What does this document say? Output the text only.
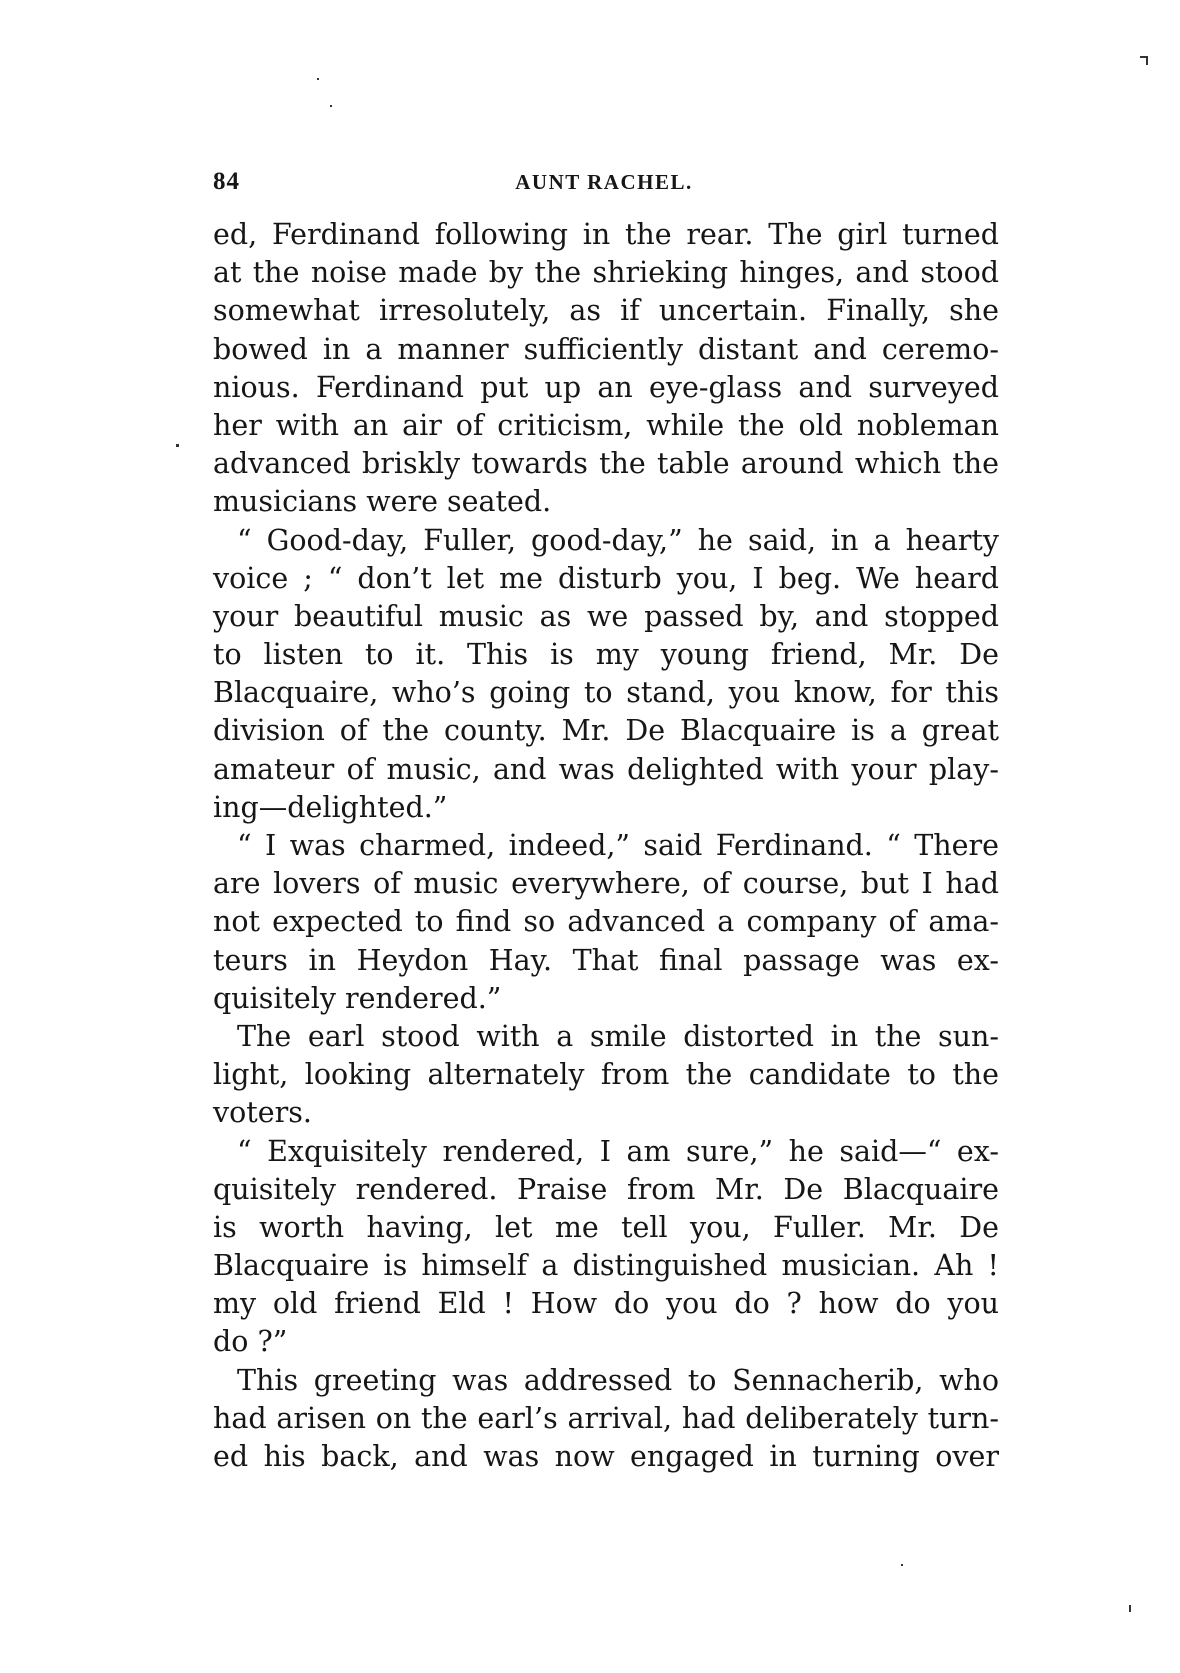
84	AUNT RACHEL.
ed, Ferdinand following in the rear. The girl turned
at the noise made by the shrieking hinges, and stood
somewhat irresolutely, as if uncertain. Finally, she
bowed in a manner sufficiently distant and ceremo-
nious. Ferdinand put up an eye-glass and surveyed
her with an air of criticism, while the old nobleman
advanced briskly towards the table around which the
musicians were seated.
“ Good-day, Fuller, good-day,” he said, in a hearty
voice ; “ don’t let me disturb you, I beg. We heard
your beautiful music as we passed by, and stopped
to listen to it. This is my young friend, Mr. De
Blacquaire, who’s going to stand, you know, for this
division of the county. Mr. De Blacquaire is a great
amateur of music, and was delighted with your play-
ing—delighted.”
“ I was charmed, indeed,” said Ferdinand. “ There
are lovers of music everywhere, of course, but I had
not expected to find so advanced a company of ama-
teurs in Heydon Hay. That final passage was ex-
quisitely rendered.”
The earl stood with a smile distorted in the sun-
light, looking alternately from the candidate to the
voters.
“ Exquisitely rendered, I am sure,” he said—“ ex-
quisitely rendered. Praise from Mr. De Blacquaire
is worth having, let me tell you, Fuller. Mr. De
Blacquaire is himself a distinguished musician. Ah !
my old friend Eld ! How do you do ? how do you
do ?”
This greeting was addressed to Sennacherib, who
had arisen on the earl’s arrival, had deliberately turn-
ed his back, and was now engaged in turning over
